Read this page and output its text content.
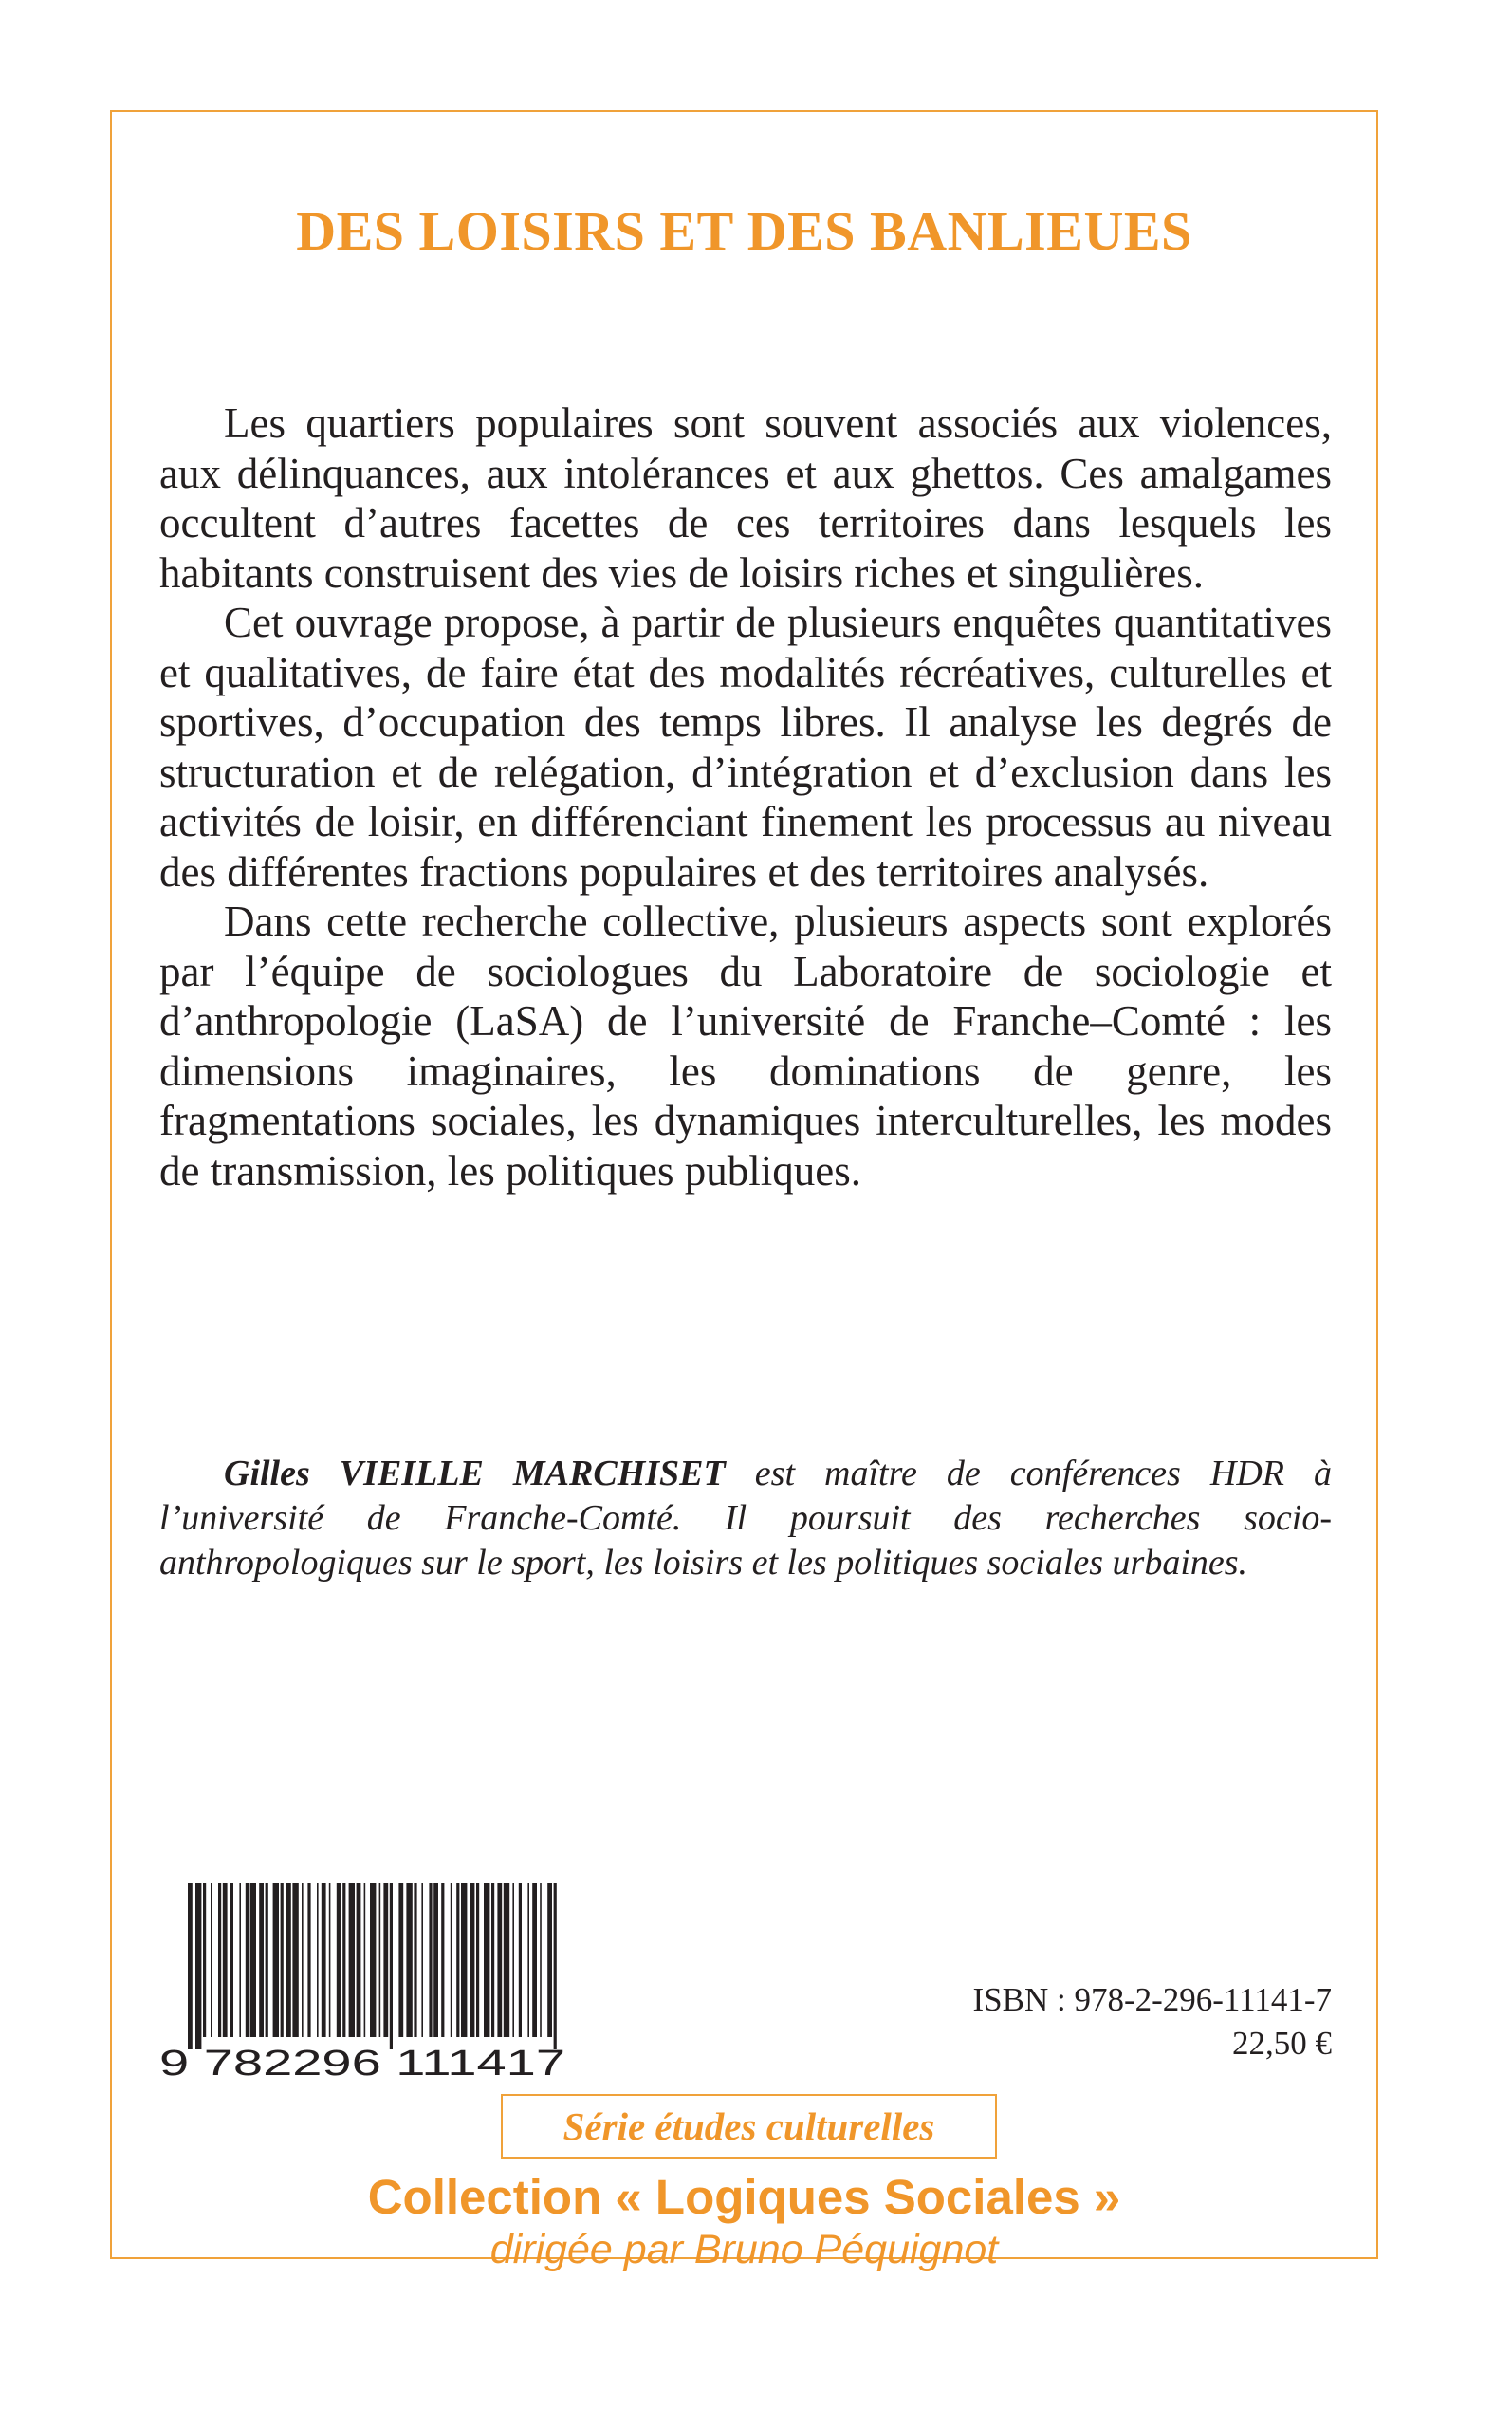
DES LOISIRS ET DES BANLIEUES

Les quartiers populaires sont souvent associés aux violences, aux délinquances, aux intolérances et aux ghettos. Ces amalgames occultent d’autres facettes de ces territoires dans lesquels les habitants construisent des vies de loisirs riches et singulières.

Cet ouvrage propose, à partir de plusieurs enquêtes quantitatives et qualitatives, de faire état des modalités récréatives, culturelles et sportives, d’occupation des temps libres. Il analyse les degrés de structuration et de relégation, d’intégration et d’exclusion dans les activités de loisir, en différenciant finement les processus au niveau des différentes fractions populaires et des territoires analysés.

Dans cette recherche collective, plusieurs aspects sont explorés par l’équipe de sociologues du Laboratoire de sociologie et d’anthropologie (LaSA) de l’université de Franche–Comté : les dimensions imaginaires, les dominations de genre, les fragmentations sociales, les dynamiques interculturelles, les modes de transmission, les politiques publiques.

Gilles VIEILLE MARCHISET est maître de conférences HDR à l’université de Franche-Comté. Il poursuit des recherches socio-anthropologiques sur le sport, les loisirs et les politiques sociales urbaines.

9 782296 111417
ISBN : 978-2-296-11141-7
22,50 €
Série études culturelles
Collection « Logiques Sociales »
dirigée par Bruno Péquignot
